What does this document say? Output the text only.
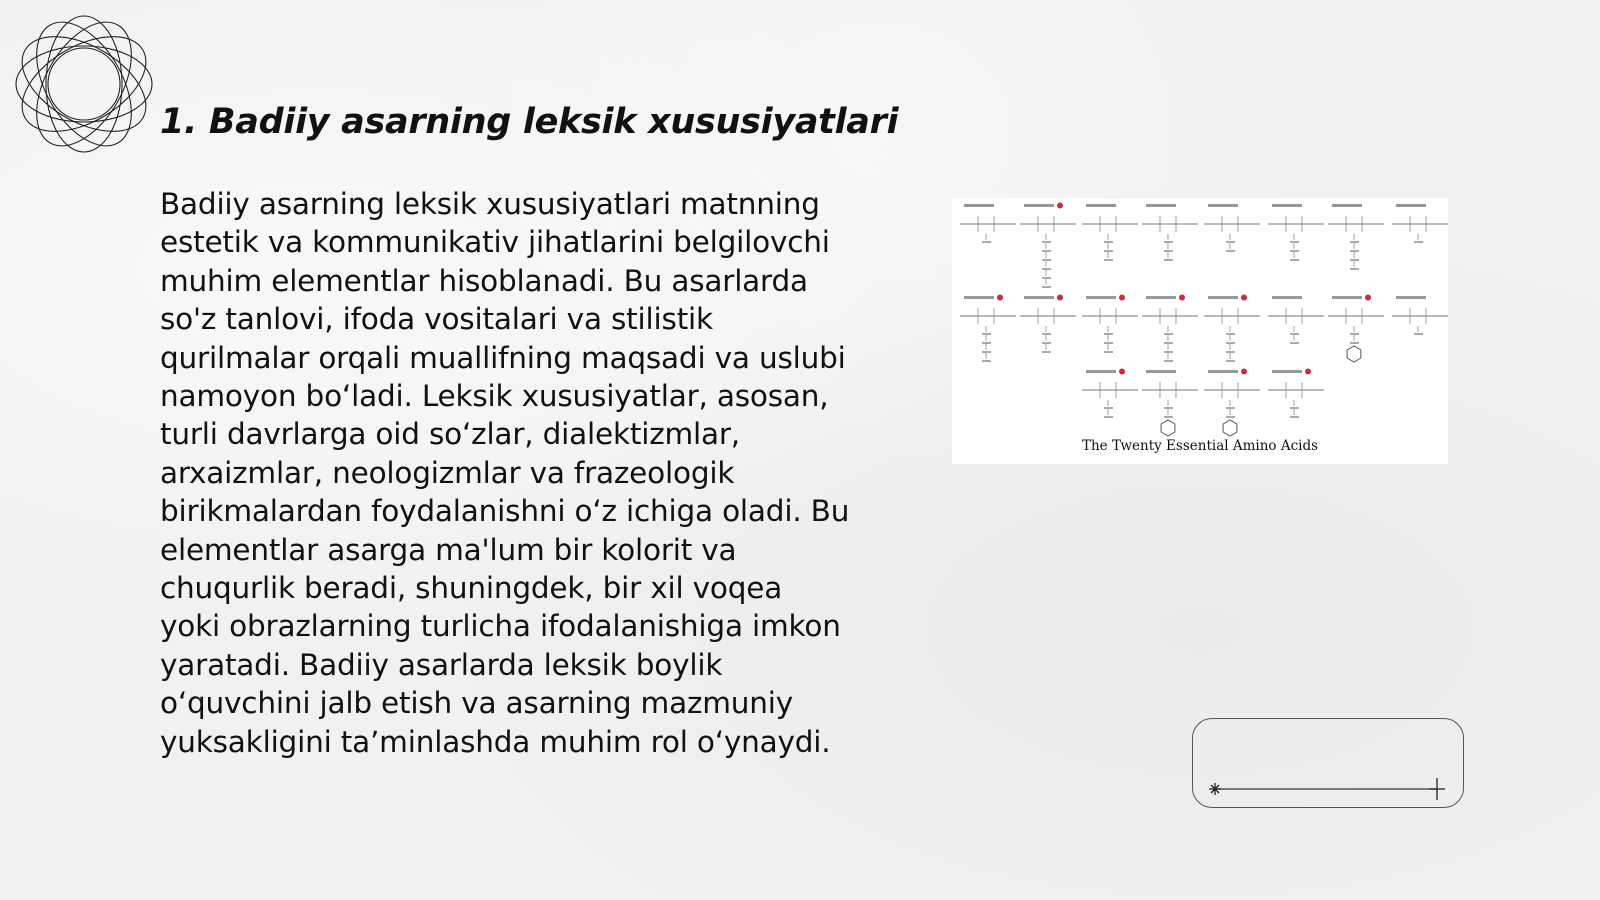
1. Badiiy asarning leksik xususiyatlari

Badiiy asarning leksik xususiyatlari matnning estetik va kommunikativ jihatlarini belgilovchi muhim elementlar hisoblanadi. Bu asarlarda so'z tanlovi, ifoda vositalari va stilistik qurilmalar orqali muallifning maqsadi va uslubi namoyon bo‘ladi. Leksik xususiyatlar, asosan, turli davrlarga oid so‘zlar, dialektizmlar, arxaizmlar, neologizmlar va frazeologik birikmalardan foydalanishni o‘z ichiga oladi. Bu elementlar asarga ma'lum bir kolorit va chuqurlik beradi, shuningdek, bir xil voqea yoki obrazlarning turlicha ifodalanishiga imkon yaratadi. Badiiy asarlarda leksik boylik o‘quvchini jalb etish va asarning mazmuniy yuksakligini ta’minlashda muhim rol o‘ynaydi.

The Twenty Essential Amino Acids
